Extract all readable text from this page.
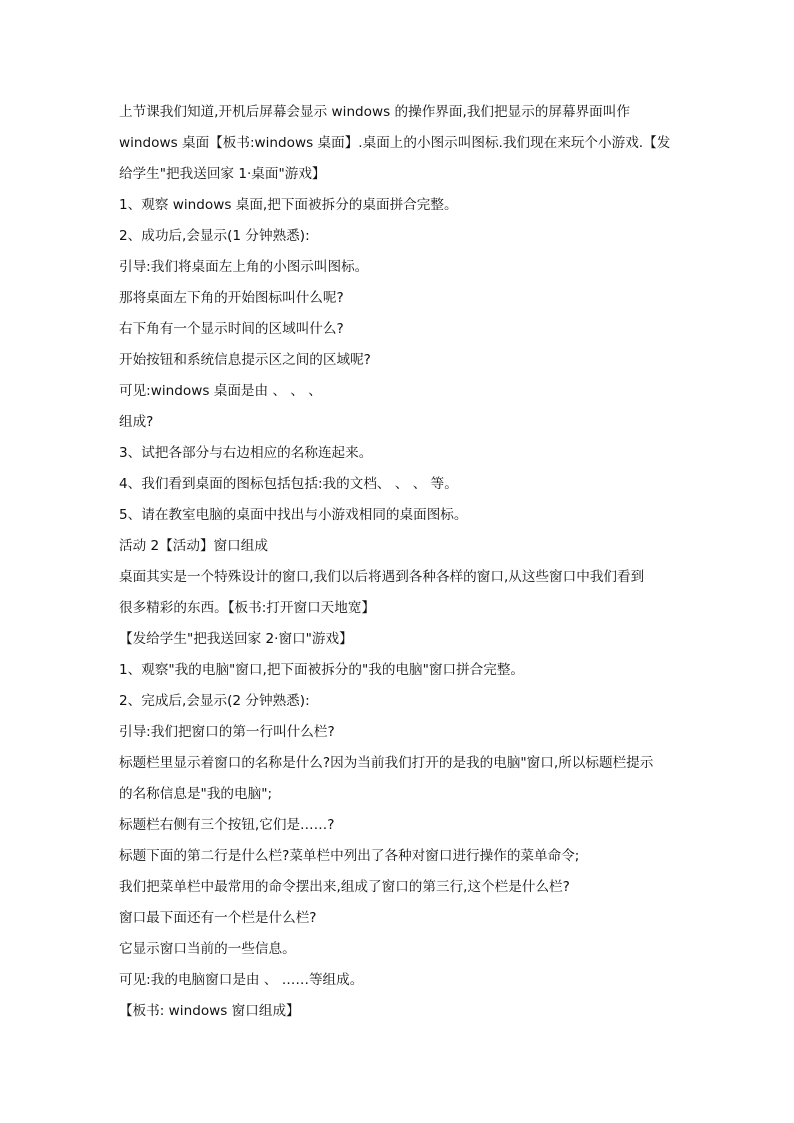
上节课我们知道,开机后屏幕会显示 windows 的操作界面,我们把显示的屏幕界面叫作
windows 桌面【板书:windows 桌面】.桌面上的小图示叫图标.我们现在来玩个小游戏.【发
给学生"把我送回家 1·桌面"游戏】
1、观察 windows 桌面,把下面被拆分的桌面拼合完整。
2、成功后,会显示(1 分钟熟悉):
引导:我们将桌面左上角的小图示叫图标。
那将桌面左下角的开始图标叫什么呢?
右下角有一个显示时间的区域叫什么?
开始按钮和系统信息提示区之间的区域呢?
可见:windows 桌面是由 、 、 、
组成?
3、试把各部分与右边相应的名称连起来。
4、我们看到桌面的图标包括包括:我的文档、 、 、 等。
5、请在教室电脑的桌面中找出与小游戏相同的桌面图标。
活动 2【活动】窗口组成
桌面其实是一个特殊设计的窗口,我们以后将遇到各种各样的窗口,从这些窗口中我们看到
很多精彩的东西。【板书:打开窗口天地宽】
【发给学生"把我送回家 2·窗口"游戏】
1、观察"我的电脑"窗口,把下面被拆分的"我的电脑"窗口拼合完整。
2、完成后,会显示(2 分钟熟悉):
引导:我们把窗口的第一行叫什么栏?
标题栏里显示着窗口的名称是什么?因为当前我们打开的是我的电脑"窗口,所以标题栏提示
的名称信息是"我的电脑";
标题栏右侧有三个按钮,它们是……?
标题下面的第二行是什么栏?菜单栏中列出了各种对窗口进行操作的菜单命令;
我们把菜单栏中最常用的命令摆出来,组成了窗口的第三行,这个栏是什么栏?
窗口最下面还有一个栏是什么栏?
它显示窗口当前的一些信息。
可见:我的电脑窗口是由 、 ……等组成。
【板书: windows 窗口组成】
